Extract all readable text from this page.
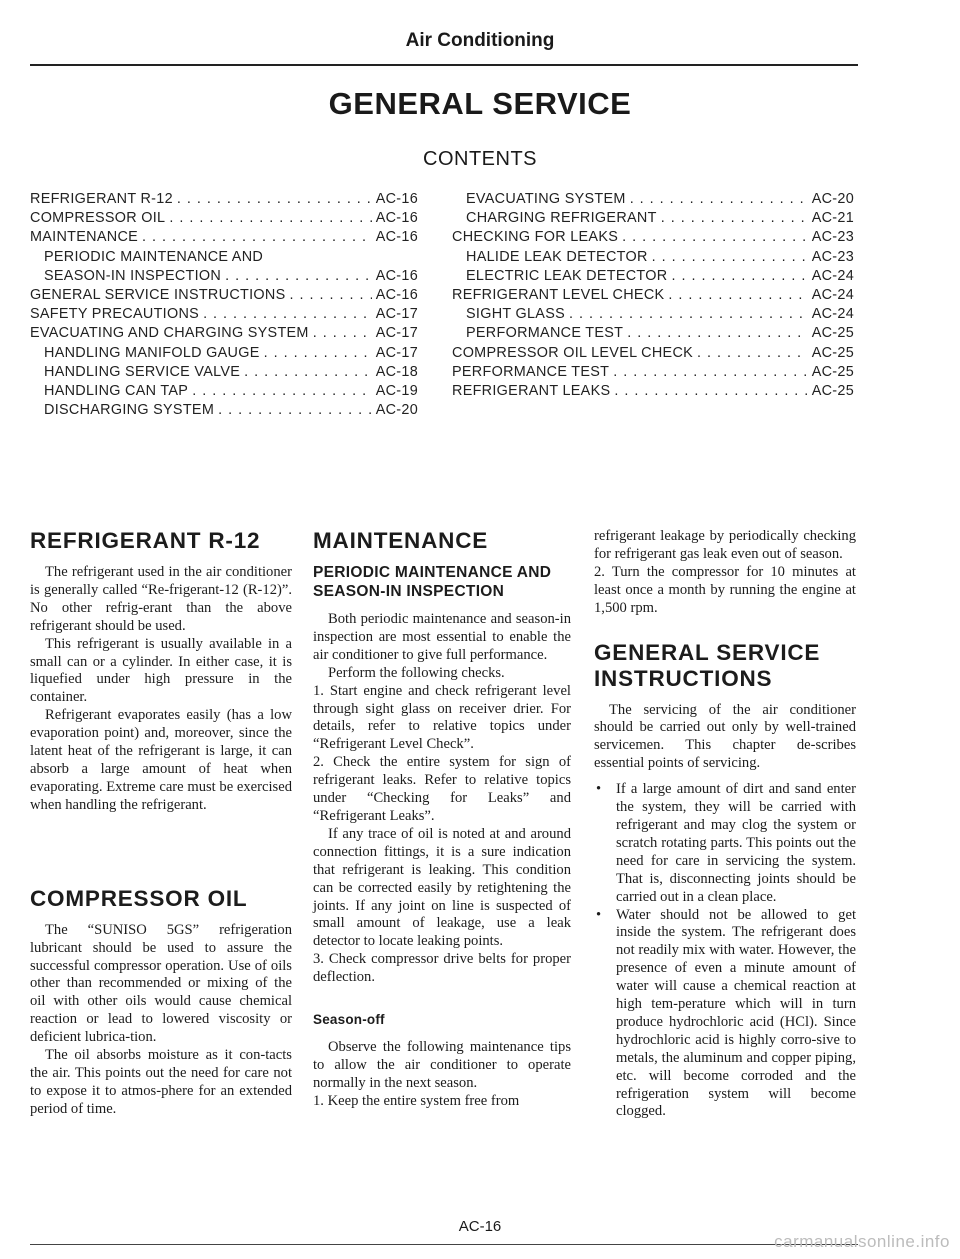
Air Conditioning
GENERAL SERVICE
CONTENTS
REFRIGERANT R-12 . . .	AC-16
COMPRESSOR OIL . . .	AC-16
MAINTENANCE . . .	AC-16
PERIODIC MAINTENANCE AND
SEASON-IN INSPECTION . . .	AC-16
GENERAL SERVICE INSTRUCTIONS . . .	AC-16
SAFETY PRECAUTIONS . . .	AC-17
EVACUATING AND CHARGING SYSTEM . . .	AC-17
HANDLING MANIFOLD GAUGE . . .	AC-17
HANDLING SERVICE VALVE . . .	AC-18
HANDLING CAN TAP . . .	AC-19
DISCHARGING SYSTEM . . .	AC-20
EVACUATING SYSTEM . . .	AC-20
CHARGING REFRIGERANT . . .	AC-21
CHECKING FOR LEAKS . . .	AC-23
HALIDE LEAK DETECTOR . . .	AC-23
ELECTRIC LEAK DETECTOR . . .	AC-24
REFRIGERANT LEVEL CHECK . . .	AC-24
SIGHT GLASS . . .	AC-24
PERFORMANCE TEST . . .	AC-25
COMPRESSOR OIL LEVEL CHECK . . .	AC-25
PERFORMANCE TEST . . .	AC-25
REFRIGERANT LEAKS . . .	AC-25
REFRIGERANT R-12

The refrigerant used in the air conditioner is generally called “Re-frigerant-12 (R-12)”. No other refrig-erant than the above refrigerant should be used.

This refrigerant is usually available in a small can or a cylinder. In either case, it is liquefied under high pressure in the container.

Refrigerant evaporates easily (has a low evaporation point) and, moreover, since the latent heat of the refrigerant is large, it can absorb a large amount of heat when evaporating. Extreme care must be exercised when handling the refrigerant.

COMPRESSOR OIL

The “SUNISO 5GS” refrigeration lubricant should be used to assure the successful compressor operation. Use of oils other than recommended or mixing of the oil with other oils would cause chemical reaction or lead to lowered viscosity or deficient lubrica-tion.

The oil absorbs moisture as it con-tacts the air. This points out the need for care not to expose it to atmos-phere for an extended period of time.

MAINTENANCE
PERIODIC MAINTENANCE AND SEASON-IN INSPECTION

Both periodic maintenance and season-in inspection are most essential to enable the air conditioner to give full performance.

Perform the following checks.

1. Start engine and check refrigerant level through sight glass on receiver drier. For details, refer to relative topics under “Refrigerant Level Check”.

2. Check the entire system for sign of refrigerant leaks. Refer to relative topics under “Checking for Leaks” and “Refrigerant Leaks”.

If any trace of oil is noted at and around connection fittings, it is a sure indication that refrigerant is leaking. This condition can be corrected easily by retightening the joints. If any joint on line is suspected of small amount of leakage, use a leak detector to locate leaking points.

3. Check compressor drive belts for proper deflection.

Season-off

Observe the following maintenance tips to allow the air conditioner to operate normally in the next season.

1. Keep the entire system free from

refrigerant leakage by periodically checking for refrigerant gas leak even out of season.

2. Turn the compressor for 10 minutes at least once a month by running the engine at 1,500 rpm.

GENERAL SERVICE INSTRUCTIONS

The servicing of the air conditioner should be carried out only by well-trained servicemen. This chapter de-scribes essential points of servicing.

• If a large amount of dirt and sand enter the system, they will be carried with refrigerant and may clog the system or scratch rotating parts. This points out the need for care in servicing the system. That is, disconnecting joints should be carried out in a clean place.
• Water should not be allowed to get inside the system. The refrigerant does not readily mix with water. However, the presence of even a minute amount of water will cause a chemical reaction at high tem-perature which will in turn produce hydrochloric acid (HCl). Since hydrochloric acid is highly corro-sive to metals, the aluminum and copper piping, etc. will become corroded and the refrigeration system will become clogged.
AC-16
carmanualsonline.info
